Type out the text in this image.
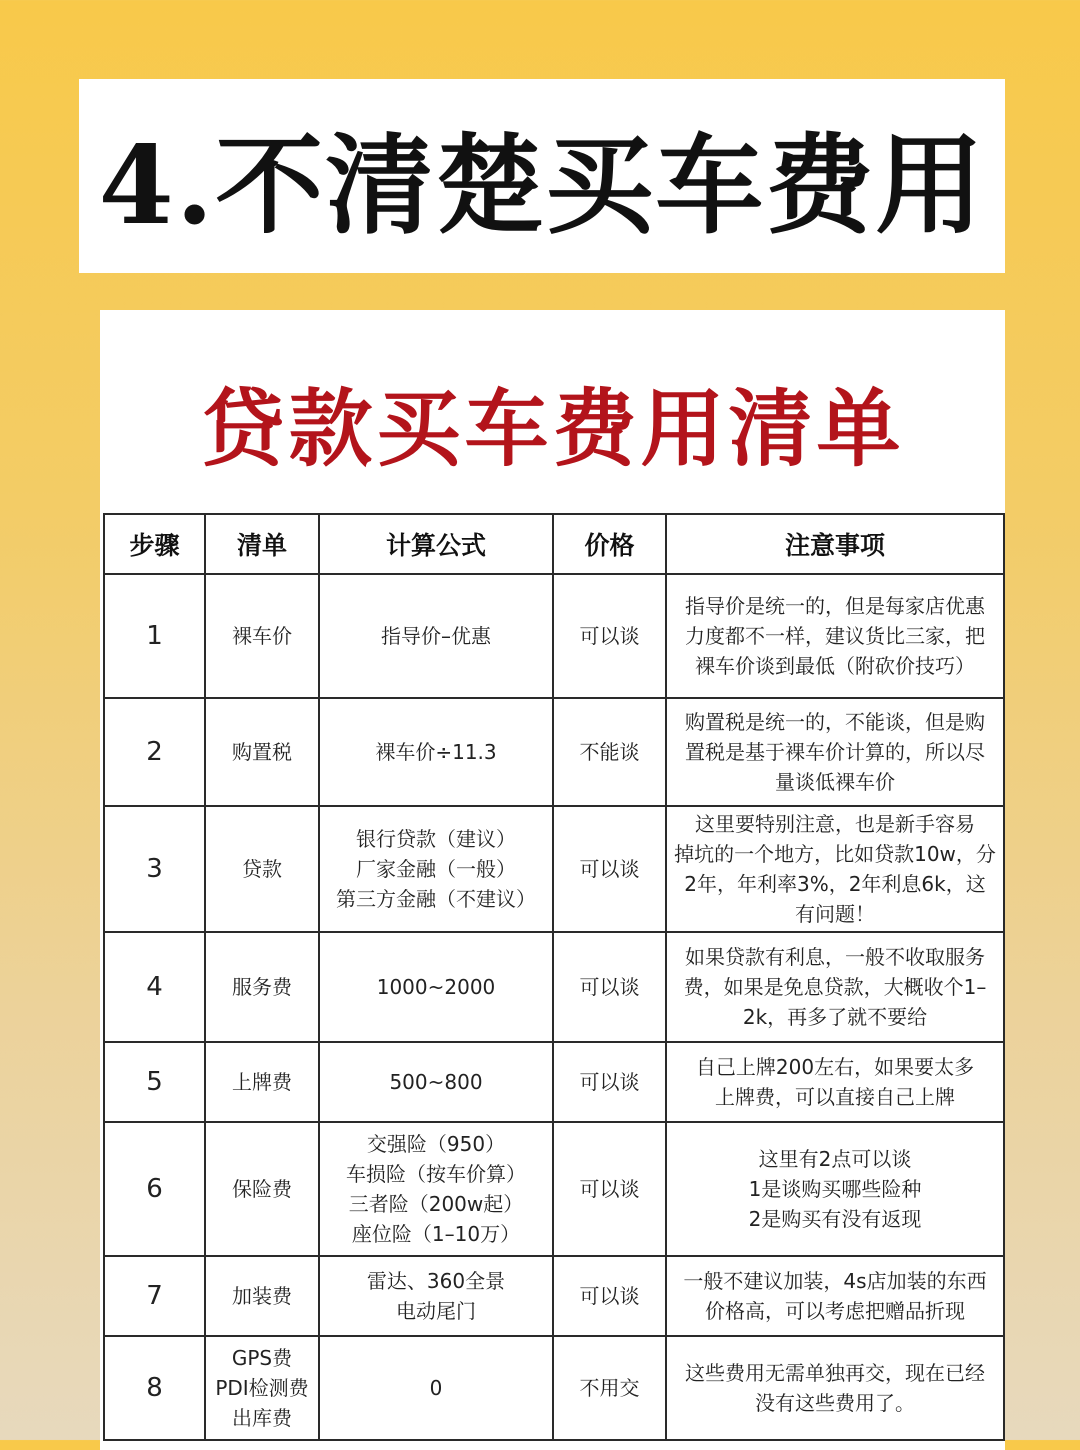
4.不清楚买车费用
贷款买车费用清单
步骤	清单	计算公式	价格	注意事项
1	裸车价	指导价–优惠	可以谈	指导价是统一的，但是每家店优惠
力度都不一样，建议货比三家，把
裸车价谈到最低（附砍价技巧）

2	购置税	裸车价÷11.3	不能谈	购置税是统一的，不能谈，但是购
置税是基于裸车价计算的，所以尽
量谈低裸车价

3	贷款	银行贷款（建议）
厂家金融（一般）
第三方金融（不建议）	可以谈	这里要特别注意，也是新手容易
掉坑的一个地方，比如贷款10w，分
2年，年利率3%，2年利息6k，这
有问题！

4	服务费	1000~2000	可以谈	如果贷款有利息，一般不收取服务
费，如果是免息贷款，大概收个1–
2k，再多了就不要给

5	上牌费	500~800	可以谈	自己上牌200左右，如果要太多
上牌费，可以直接自己上牌

6	保险费	交强险（950）
车损险（按车价算）
三者险（200w起）
座位险（1–10万）	可以谈	这里有2点可以谈
1是谈购买哪些险种
2是购买有没有返现

7	加装费	雷达、360全景
电动尾门	可以谈	一般不建议加装，4s店加装的东西
价格高，可以考虑把赠品折现

8	GPS费
PDI检测费
出库费	0	不用交	这些费用无需单独再交，现在已经
没有这些费用了。
